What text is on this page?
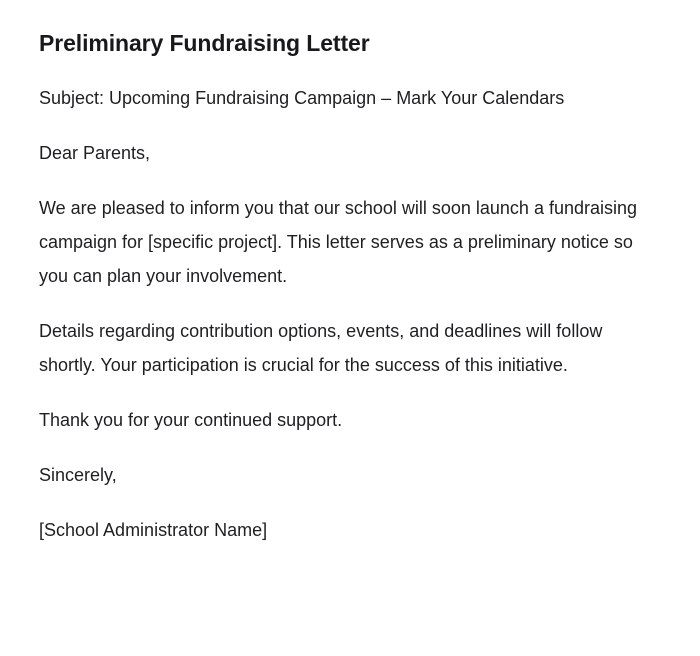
Preliminary Fundraising Letter

Subject: Upcoming Fundraising Campaign – Mark Your Calendars

Dear Parents,

We are pleased to inform you that our school will soon launch a fundraising campaign for [specific project]. This letter serves as a preliminary notice so you can plan your involvement.

Details regarding contribution options, events, and deadlines will follow shortly. Your participation is crucial for the success of this initiative.

Thank you for your continued support.

Sincerely,

[School Administrator Name]
